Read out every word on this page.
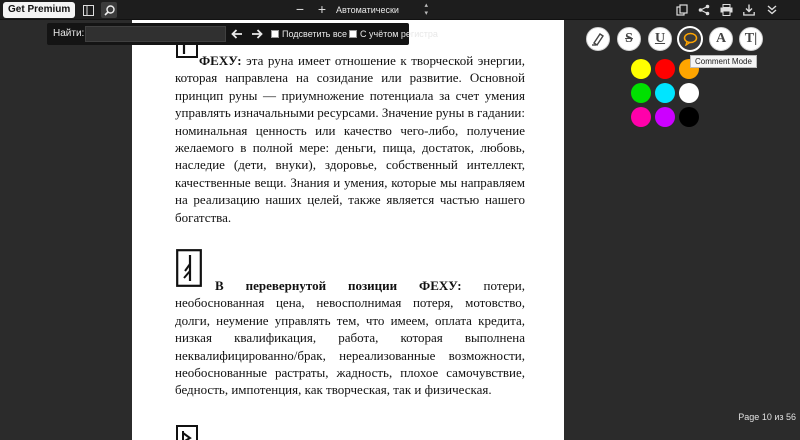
Get Premium	− +	Автоматически	▴
▾
ФЕХУ: эта руна имеет отношение к творческой энергии, которая направлена на созидание или развитие. Основной принцип руны — приумножение потенциала за счет умения управлять изначальными ресурсами. Значение руны в гадании: номинальная ценность или качество чего-либо, получение желаемого в полной мере: деньги, пища, достаток, любовь, наследие (дети, внуки), здоровье, собственный интеллект, качественные вещи. Знания и умения, которые мы направляем на реализацию наших целей, также является частью нашего богатства.
В перевернутой позиции ФЕХУ: потери, необоснованная цена, невосполнимая потеря, мотовство, долги, неумение управлять тем, что имеем, оплата кредита, низкая квалификация, работа, которая выполнена неквалифицированно/брак, нереализованные возможности, необоснованные растраты, жадность, плохое самочувствие, бедность, импотенция, как творческая, так и физическая.
Найти:	Подсветить все С учётом регистра	S U	A T|
Comment Mode
Page 10 из 56
